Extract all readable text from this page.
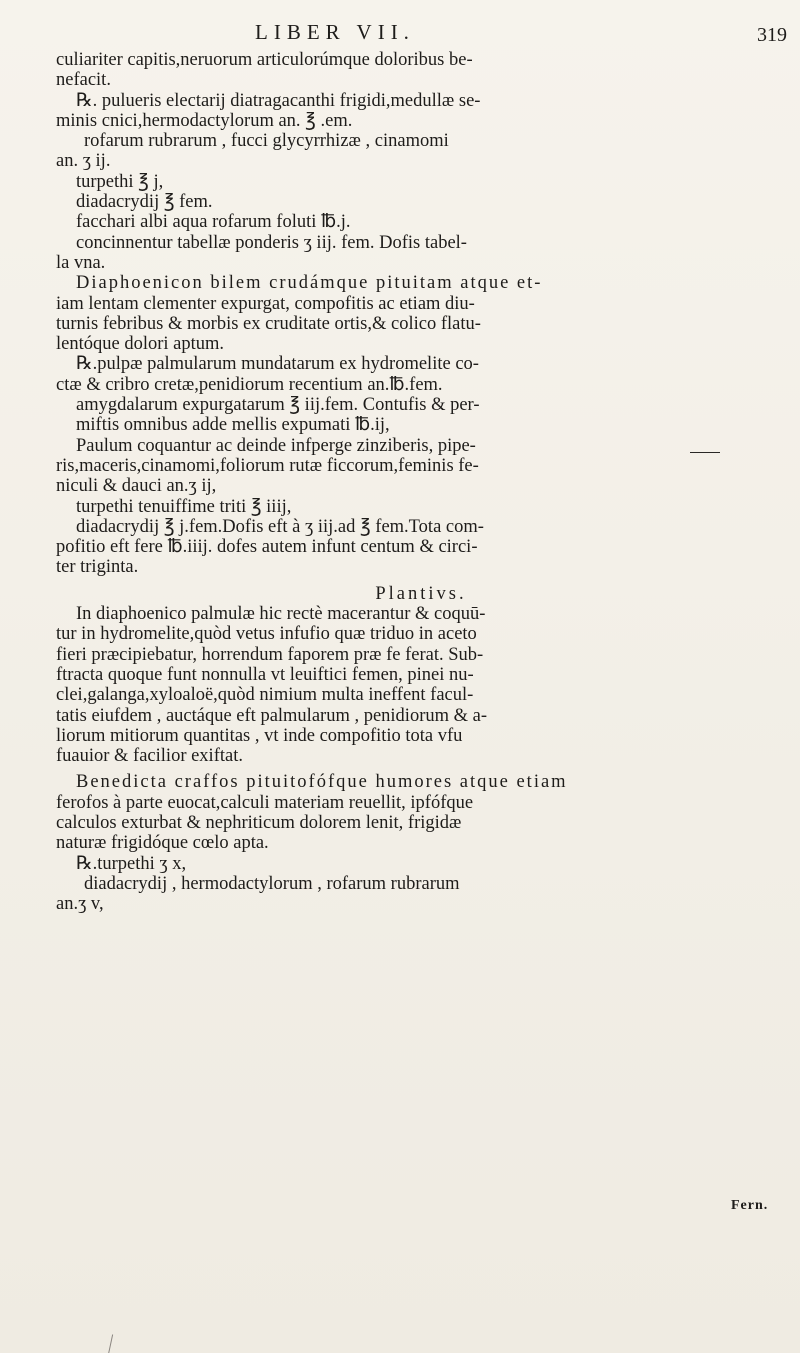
LIBER VII.	319
culiariter capitis,neruorum articulorúmque doloribus be-
nefacit.
℞. pulueris electarij diatragacanthi frigidi,medullæ se-
minis cnici,hermodactylorum an. ℥ .em.
rofarum rubrarum , fucci glycyrrhizæ , cinamomi
an. ʒ ij.
turpethi ℥ j,
diadacrydij ℥ fem.
facchari albi aqua rofarum foluti ℔.j.
concinnentur tabellæ ponderis ʒ iij. fem. Dofis tabel-
la vna.
Diaphoenicon bilem crudámque pituitam atque et-
iam lentam clementer expurgat, compofitis ac etiam diu-
turnis febribus & morbis ex cruditate ortis,& colico flatu-
lentóque dolori aptum.
℞.pulpæ palmularum mundatarum ex hydromelite co-
ctæ & cribro cretæ,penidiorum recentium an.℔.fem.
amygdalarum expurgatarum ℥ iij.fem. Contufis & per-
miftis omnibus adde mellis expumati ℔.ij,
Paulum coquantur ac deinde infperge zinziberis, pipe-
ris,maceris,cinamomi,foliorum rutæ ficcorum,feminis fe-
niculi & dauci an.ʒ ij,
turpethi tenuiffime triti ℥ iiij,
diadacrydij ℥ j.fem.Dofis eft à ʒ iij.ad ℥ fem.Tota com-
pofitio eft fere ℔.iiij. dofes autem infunt centum & circi-
ter triginta.
Plantivs.
In diaphoenico palmulæ hic rectè macerantur & coquū-
tur in hydromelite,quòd vetus infufio quæ triduo in aceto
fieri præcipiebatur, horrendum faporem præ fe ferat. Sub-
ftracta quoque funt nonnulla vt leuiftici femen, pinei nu-
clei,galanga,xyloaloë,quòd nimium multa ineffent facul-
tatis eiufdem , auctáque eft palmularum , penidiorum & a-
liorum mitiorum quantitas , vt inde compofitio tota vfu
fuauior & facilior exiftat.
Benedicta craffos pituitofófque humores atque etiam
ferofos à parte euocat,calculi materiam reuellit, ipfófque
calculos exturbat & nephriticum dolorem lenit, frigidæ
naturæ frigidóque cœlo apta.
℞.turpethi ʒ x,
diadacrydij , hermodactylorum , rofarum rubrarum
an.ʒ v,
Fern.
